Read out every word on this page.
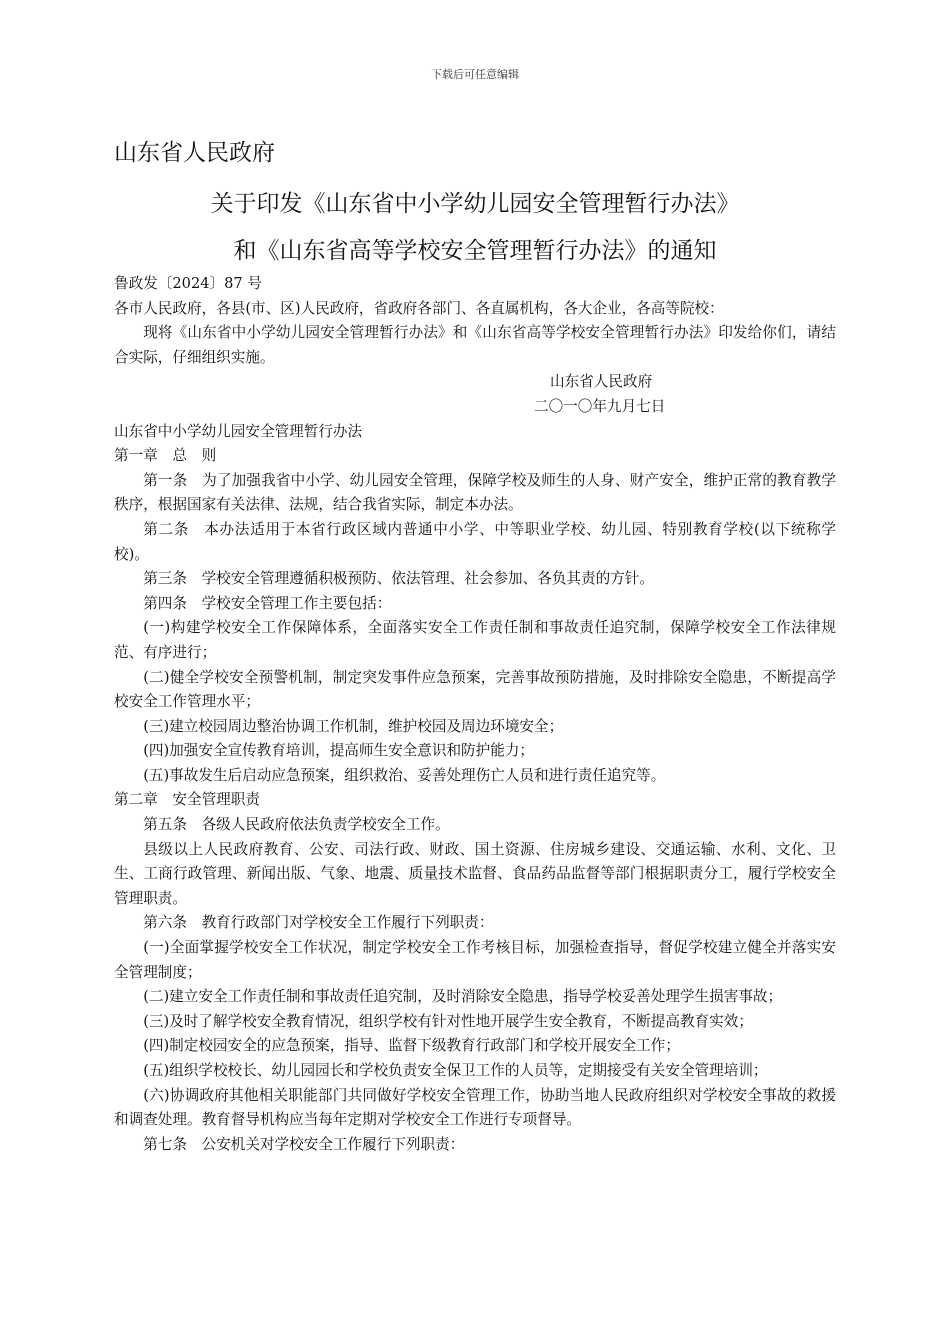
下载后可任意编辑
山东省人民政府
关于印发《山东省中小学幼儿园安全管理暂行办法》
和《山东省高等学校安全管理暂行办法》的通知

鲁政发〔2024〕87 号

各市人民政府，各县(市、区)人民政府，省政府各部门、各直属机构，各大企业，各高等院校：

现将《山东省中小学幼儿园安全管理暂行办法》和《山东省高等学校安全管理暂行办法》印发给你们，请结合实际，仔细组织实施。

山东省人民政府

二〇一〇年九月七日

山东省中小学幼儿园安全管理暂行办法

第一章　总　则

第一条　为了加强我省中小学、幼儿园安全管理，保障学校及师生的人身、财产安全，维护正常的教育教学秩序，根据国家有关法律、法规，结合我省实际，制定本办法。

第二条　本办法适用于本省行政区域内普通中小学、中等职业学校、幼儿园、特别教育学校(以下统称学校)。

第三条　学校安全管理遵循积极预防、依法管理、社会参加、各负其责的方针。

第四条　学校安全管理工作主要包括：

(一)构建学校安全工作保障体系，全面落实安全工作责任制和事故责任追究制，保障学校安全工作法律规范、有序进行；

(二)健全学校安全预警机制，制定突发事件应急预案，完善事故预防措施，及时排除安全隐患，不断提高学校安全工作管理水平；

(三)建立校园周边整治协调工作机制，维护校园及周边环境安全；

(四)加强安全宣传教育培训，提高师生安全意识和防护能力；

(五)事故发生后启动应急预案，组织救治、妥善处理伤亡人员和进行责任追究等。

第二章　安全管理职责

第五条　各级人民政府依法负责学校安全工作。

县级以上人民政府教育、公安、司法行政、财政、国土资源、住房城乡建设、交通运输、水利、文化、卫生、工商行政管理、新闻出版、气象、地震、质量技术监督、食品药品监督等部门根据职责分工，履行学校安全管理职责。

第六条　教育行政部门对学校安全工作履行下列职责：

(一)全面掌握学校安全工作状况，制定学校安全工作考核目标，加强检查指导，督促学校建立健全并落实安全管理制度；

(二)建立安全工作责任制和事故责任追究制，及时消除安全隐患，指导学校妥善处理学生损害事故；

(三)及时了解学校安全教育情况，组织学校有针对性地开展学生安全教育，不断提高教育实效；

(四)制定校园安全的应急预案，指导、监督下级教育行政部门和学校开展安全工作；

(五)组织学校校长、幼儿园园长和学校负责安全保卫工作的人员等，定期接受有关安全管理培训；

(六)协调政府其他相关职能部门共同做好学校安全管理工作，协助当地人民政府组织对学校安全事故的救援和调查处理。教育督导机构应当每年定期对学校安全工作进行专项督导。

第七条　公安机关对学校安全工作履行下列职责：
